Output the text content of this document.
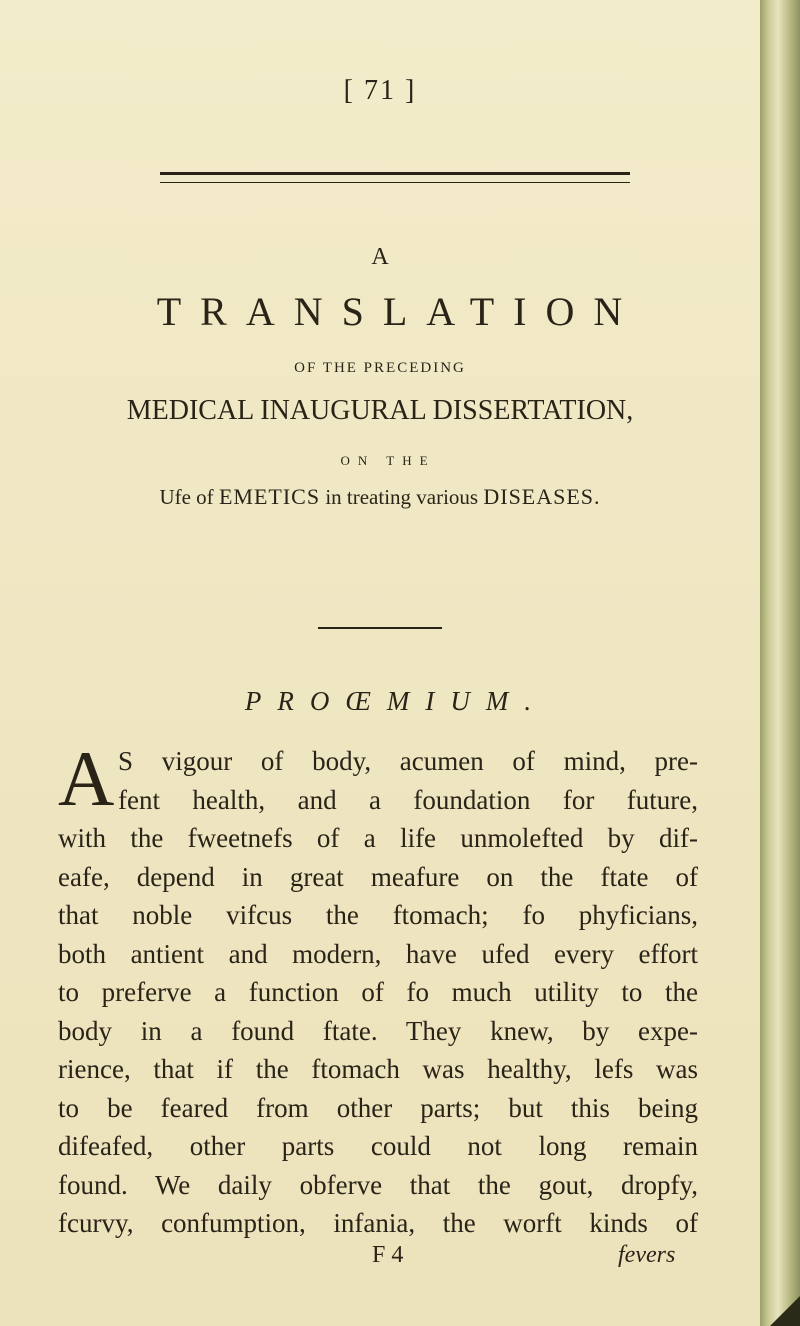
[ 71 ]
A
TRANSLATION
OF THE PRECEDING
MEDICAL INAUGURAL DISSERTATION,
ON THE
Ufe of EMETICS in treating various DISEASES.
PROŒMIUM.
A S vigour of body, acumen of mind, pre-
fent health, and a foundation for future,
with the fweetnefs of a life unmolefted by dif-
eafe, depend in great meafure on the ftate of
that noble vifcus the ftomach; fo phyficians,
both antient and modern, have ufed every effort
to preferve a function of fo much utility to the
body in a found ftate. They knew, by expe-
rience, that if the ftomach was healthy, lefs was
to be feared from other parts; but this being
difeafed, other parts could not long remain
found. We daily obferve that the gout, dropfy,
fcurvy, confumption, infania, the worft kinds of
F 4	fevers
